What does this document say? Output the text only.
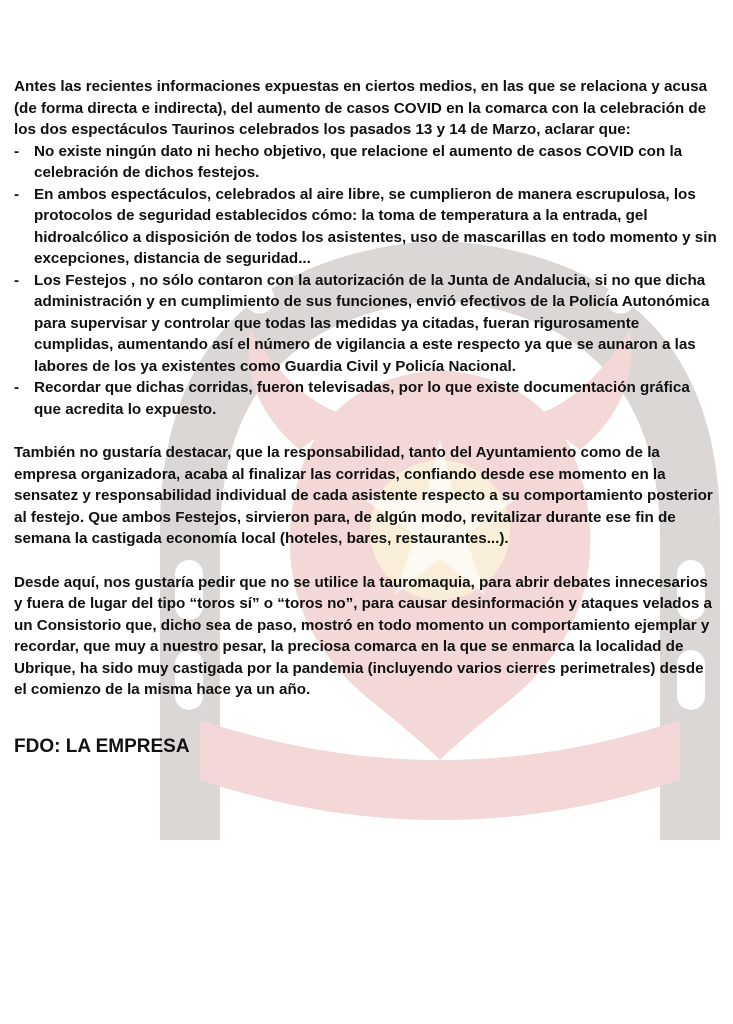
Antes las recientes informaciones expuestas en ciertos medios, en las que se relaciona y acusa (de forma directa e indirecta), del aumento de casos COVID en la comarca con la celebración de los dos espectáculos Taurinos celebrados los pasados 13 y 14 de Marzo, aclarar que:

- No existe ningún dato ni hecho objetivo, que relacione el aumento de casos COVID con la celebración de dichos festejos.
- En ambos espectáculos, celebrados al aire libre, se cumplieron de manera escrupulosa, los protocolos de seguridad establecidos cómo: la toma de temperatura a la entrada, gel hidroalcólico a disposición de todos los asistentes, uso de mascarillas en todo momento y sin excepciones, distancia de seguridad...
- Los Festejos , no sólo contaron con la autorización de la Junta de Andalucia, si no que dicha administración y en cumplimiento de sus funciones, envió efectivos de la Policía Autonómica para supervisar y controlar que todas las medidas ya citadas, fueran rigurosamente cumplidas, aumentando así el número de vigilancia a este respecto ya que se aunaron a las labores de los ya existentes como Guardia Civil y Policía Nacional.
- Recordar que dichas corridas, fueron televisadas, por lo que existe documentación gráfica que acredita lo expuesto.

También no gustaría destacar, que la responsabilidad, tanto del Ayuntamiento como de la empresa organizadora, acaba al finalizar las corridas, confiando desde ese momento en la sensatez y responsabilidad individual de cada asistente respecto a su comportamiento posterior al festejo. Que ambos Festejos, sirvieron para, de algún modo, revitalizar durante ese fin de semana la castigada economía local (hoteles, bares, restaurantes...).

Desde aquí, nos gustaría pedir que no se utilice la tauromaquia, para abrir debates innecesarios y fuera de lugar del tipo “toros sí” o “toros no”, para causar desinformación y ataques velados a un Consistorio que, dicho sea de paso, mostró en todo momento un comportamiento ejemplar y recordar, que muy a nuestro pesar, la preciosa comarca en la que se enmarca la localidad de Ubrique, ha sido muy castigada por la pandemia (incluyendo varios cierres perimetrales) desde el comienzo de la misma hace ya un año.

FDO: LA EMPRESA
